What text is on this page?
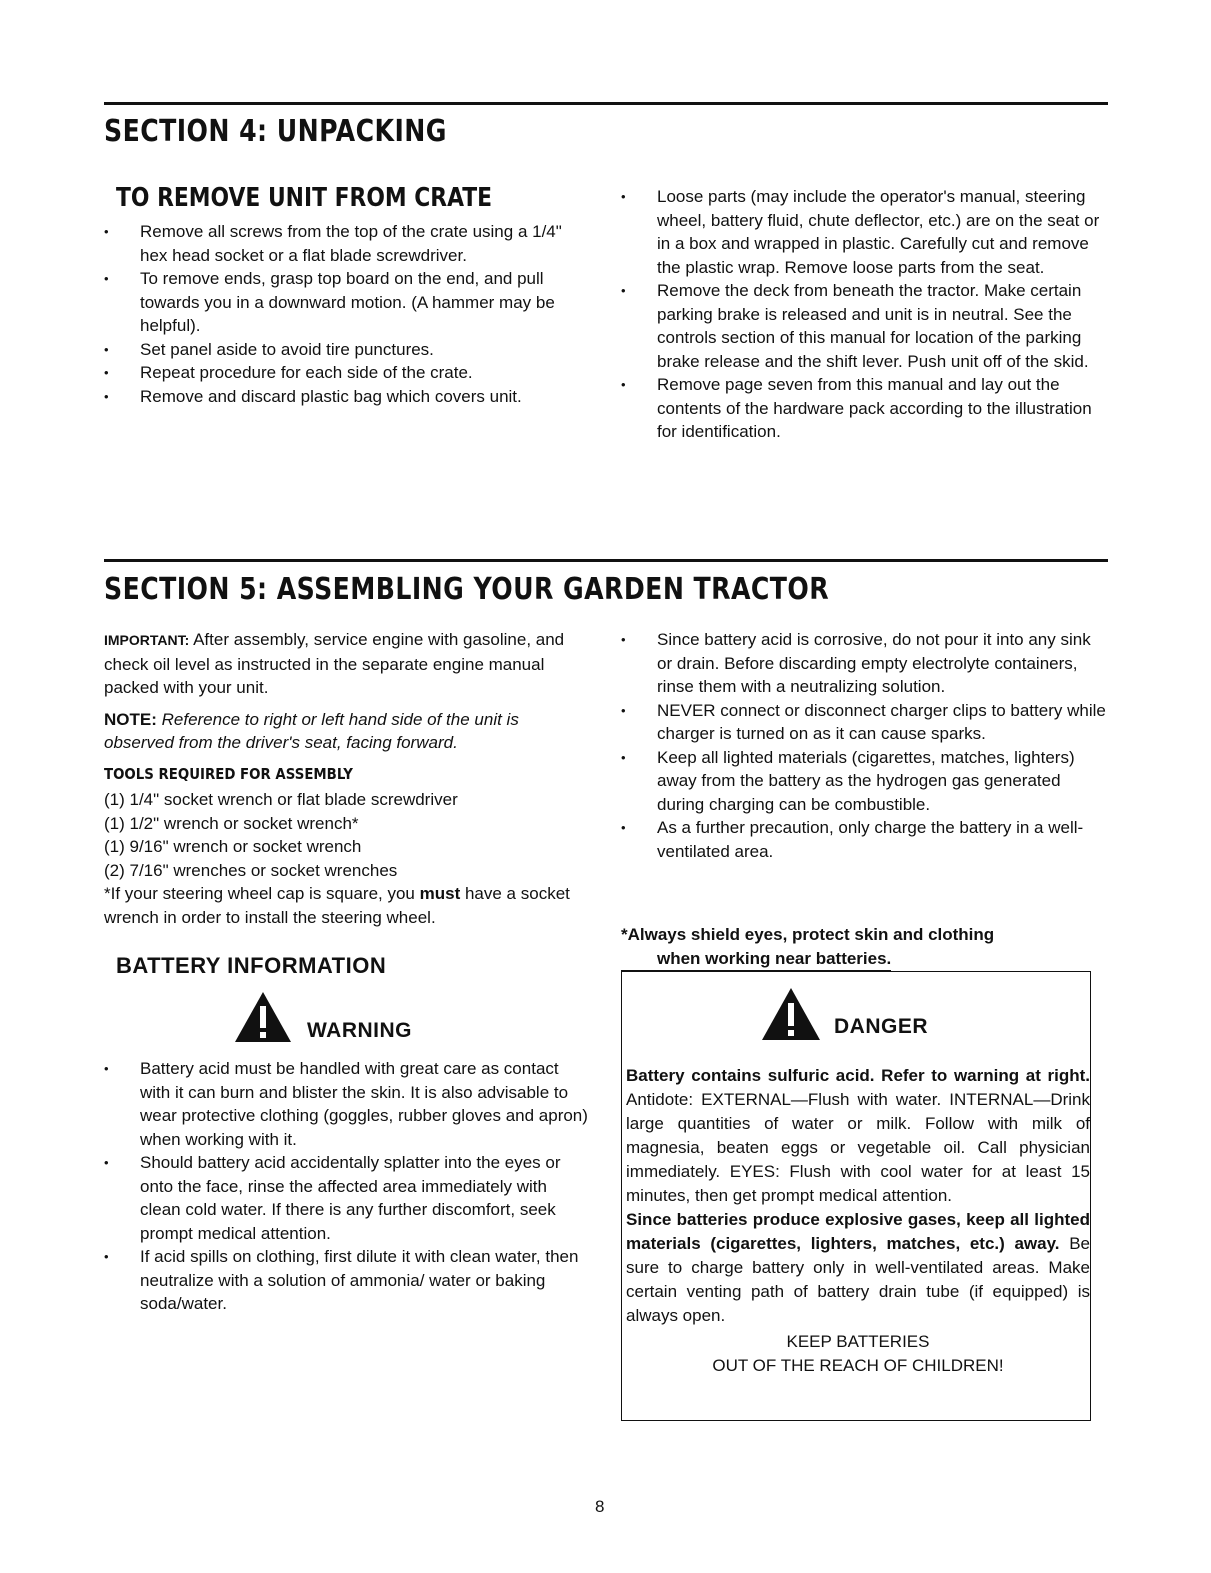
SECTION 4: UNPACKING
TO REMOVE UNIT FROM CRATE
• Remove all screws from the top of the crate using a 1/4" hex head socket or a flat blade screwdriver.
• To remove ends, grasp top board on the end, and pull towards you in a downward motion. (A hammer may be helpful).
• Set panel aside to avoid tire punctures.
• Repeat procedure for each side of the crate.
• Remove and discard plastic bag which covers unit.
• Loose parts (may include the operator's manual, steering wheel, battery fluid, chute deflector, etc.) are on the seat or in a box and wrapped in plastic. Carefully cut and remove the plastic wrap. Remove loose parts from the seat.
• Remove the deck from beneath the tractor. Make certain parking brake is released and unit is in neutral. See the controls section of this manual for location of the parking brake release and the shift lever. Push unit off of the skid.
• Remove page seven from this manual and lay out the contents of the hardware pack according to the illustration for identification.
SECTION 5: ASSEMBLING YOUR GARDEN TRACTOR

IMPORTANT: After assembly, service engine with gasoline, and check oil level as instructed in the separate engine manual packed with your unit.

NOTE: Reference to right or left hand side of the unit is observed from the driver's seat, facing forward.

TOOLS REQUIRED FOR ASSEMBLY
(1) 1/4" socket wrench or flat blade screwdriver
(1) 1/2" wrench or socket wrench*
(1) 9/16" wrench or socket wrench
(2) 7/16" wrenches or socket wrenches

*If your steering wheel cap is square, you must have a socket wrench in order to install the steering wheel.

BATTERY INFORMATION
WARNING
• Battery acid must be handled with great care as contact with it can burn and blister the skin. It is also advisable to wear protective clothing (goggles, rubber gloves and apron) when working with it.
• Should battery acid accidentally splatter into the eyes or onto the face, rinse the affected area immediately with clean cold water. If there is any further discomfort, seek prompt medical attention.
• If acid spills on clothing, first dilute it with clean water, then neutralize with a solution of ammonia/ water or baking soda/water.
• Since battery acid is corrosive, do not pour it into any sink or drain. Before discarding empty electrolyte containers, rinse them with a neutralizing solution.
• NEVER connect or disconnect charger clips to battery while charger is turned on as it can cause sparks.
• Keep all lighted materials (cigarettes, matches, lighters) away from the battery as the hydrogen gas generated during charging can be combustible.
• As a further precaution, only charge the battery in a well-ventilated area.
*Always shield eyes, protect skin and clothing
when working near batteries.
DANGER

Battery contains sulfuric acid. Refer to warning at right. Antidote: EXTERNAL—Flush with water. INTERNAL—Drink large quantities of water or milk. Follow with milk of magnesia, beaten eggs or vegetable oil. Call physician immediately. EYES: Flush with cool water for at least 15 minutes, then get prompt medical attention.

Since batteries produce explosive gases, keep all lighted materials (cigarettes, lighters, matches, etc.) away. Be sure to charge battery only in well-ventilated areas. Make certain venting path of battery drain tube (if equipped) is always open.

KEEP BATTERIES

OUT OF THE REACH OF CHILDREN!

8
